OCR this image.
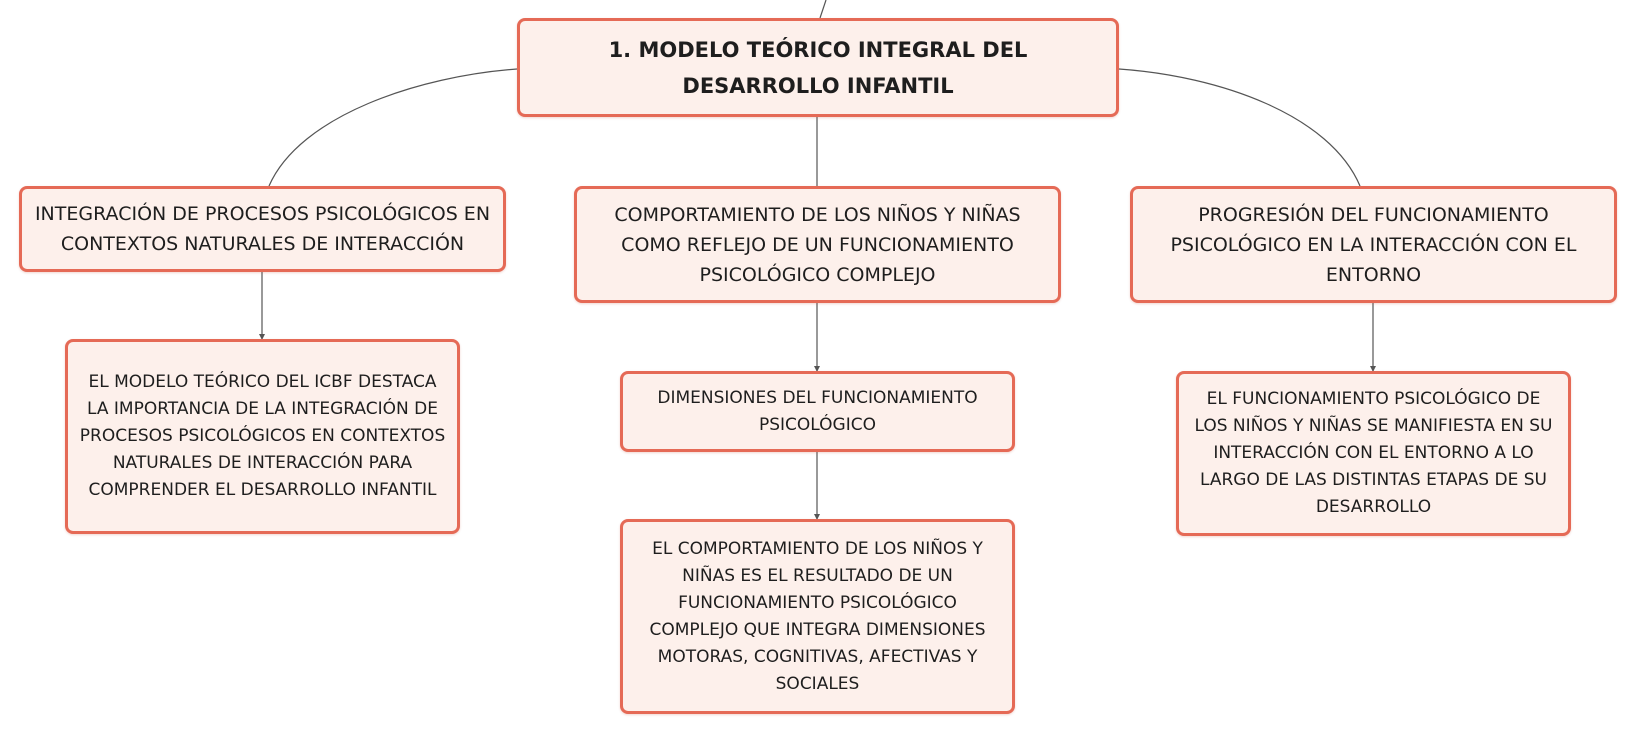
1. MODELO TEÓRICO INTEGRAL DEL DESARROLLO INFANTIL
INTEGRACIÓN DE PROCESOS PSICOLÓGICOS EN CONTEXTOS NATURALES DE INTERACCIÓN
COMPORTAMIENTO DE LOS NIÑOS Y NIÑAS COMO REFLEJO DE UN FUNCIONAMIENTO PSICOLÓGICO COMPLEJO
PROGRESIÓN DEL FUNCIONAMIENTO PSICOLÓGICO EN LA INTERACCIÓN CON EL ENTORNO
EL MODELO TEÓRICO DEL ICBF DESTACA LA IMPORTANCIA DE LA INTEGRACIÓN DE PROCESOS PSICOLÓGICOS EN CONTEXTOS NATURALES DE INTERACCIÓN PARA COMPRENDER EL DESARROLLO INFANTIL
DIMENSIONES DEL FUNCIONAMIENTO PSICOLÓGICO
EL COMPORTAMIENTO DE LOS NIÑOS Y NIÑAS ES EL RESULTADO DE UN FUNCIONAMIENTO PSICOLÓGICO COMPLEJO QUE INTEGRA DIMENSIONES MOTORAS, COGNITIVAS, AFECTIVAS Y SOCIALES
EL FUNCIONAMIENTO PSICOLÓGICO DE LOS NIÑOS Y NIÑAS SE MANIFIESTA EN SU INTERACCIÓN CON EL ENTORNO A LO LARGO DE LAS DISTINTAS ETAPAS DE SU DESARROLLO
